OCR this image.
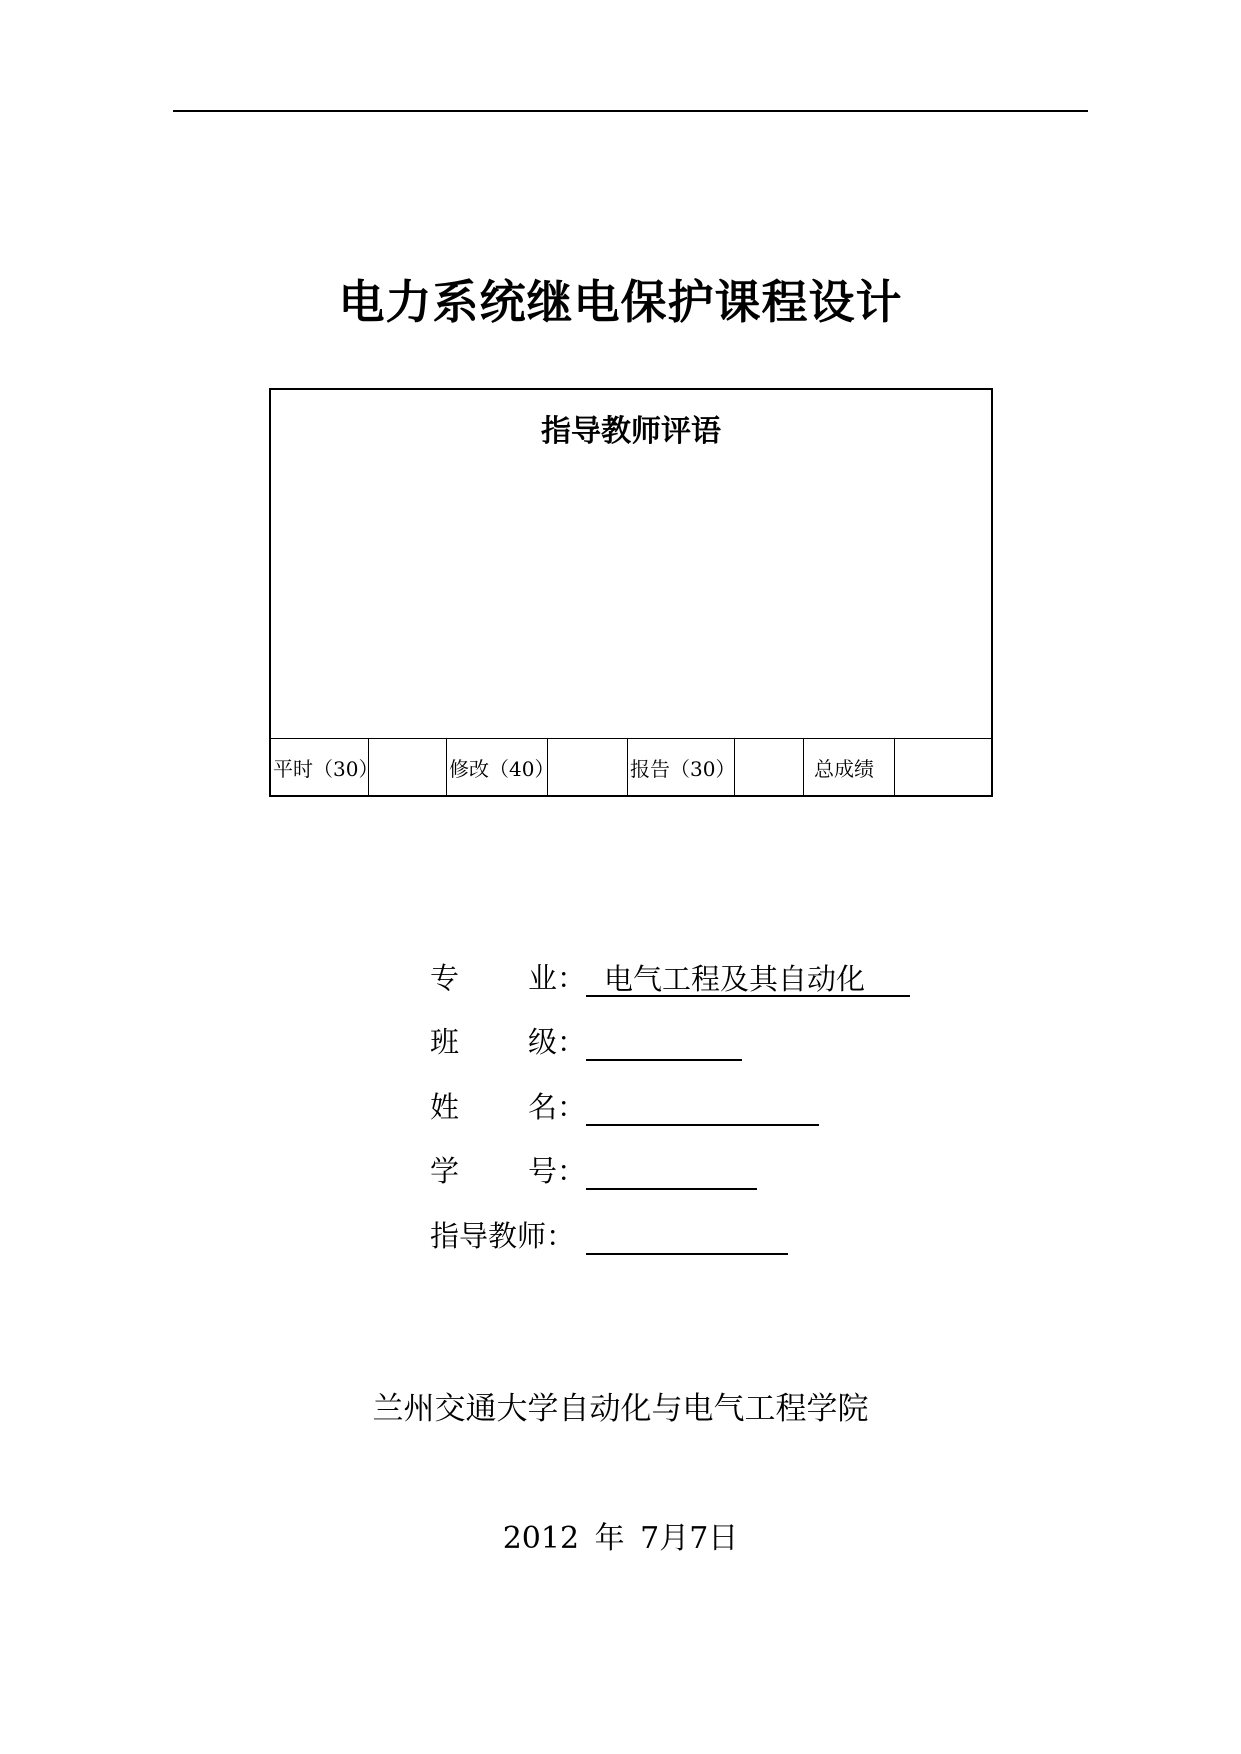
电力系统继电保护课程设计
指导教师评语
平时（30）	修改（40）	报告（30）	总成绩
专 业： 电气工程及其自动化
班 级：
姓 名：
学 号：
指导教师：
兰州交通大学自动化与电气工程学院
2012 年 7月7日
